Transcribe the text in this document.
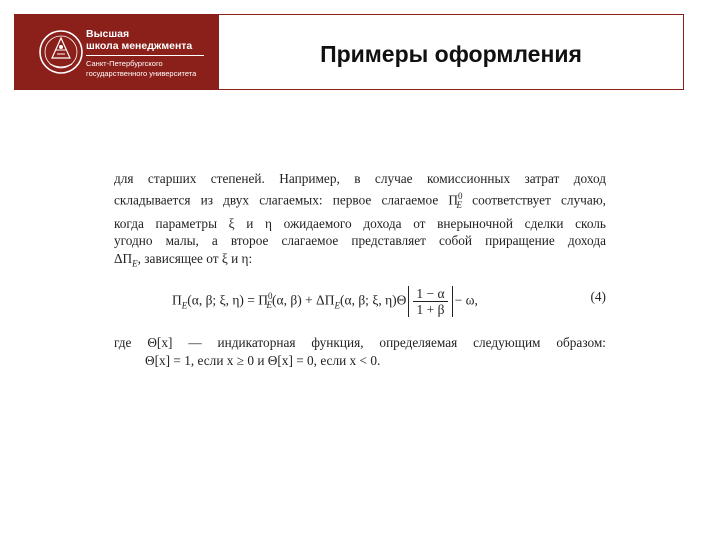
Высшая
школа менеджмента
Санкт-Петербургского
государственного университета
Примеры оформления
для старших степеней. Например, в случае комиссионных затрат доход
складывается из двух слагаемых: первое слагаемое $\Pi^0_E$ соответствует случаю,
когда параметры ξ и η ожидаемого дохода от внерыночной сделки сколь
угодно малы, а второе слагаемое представляет собой приращение дохода
$\Delta\Pi_E$, зависящее от ξ и η:
$\Pi_E(\alpha$, β; ξ, $\eta) = \Pi^0_E(\alpha$, $\beta) + \Delta\Pi_E(\alpha$, β; ξ, $\eta)\Theta \frac{1 - \alpha}{1 + \beta} - \omega$,	(4)
где Θ[x] — индикаторная функция, определяемая следующим образом:
Θ[x] = 1, если x ≥ 0 и Θ[x] = 0, если x < 0.
